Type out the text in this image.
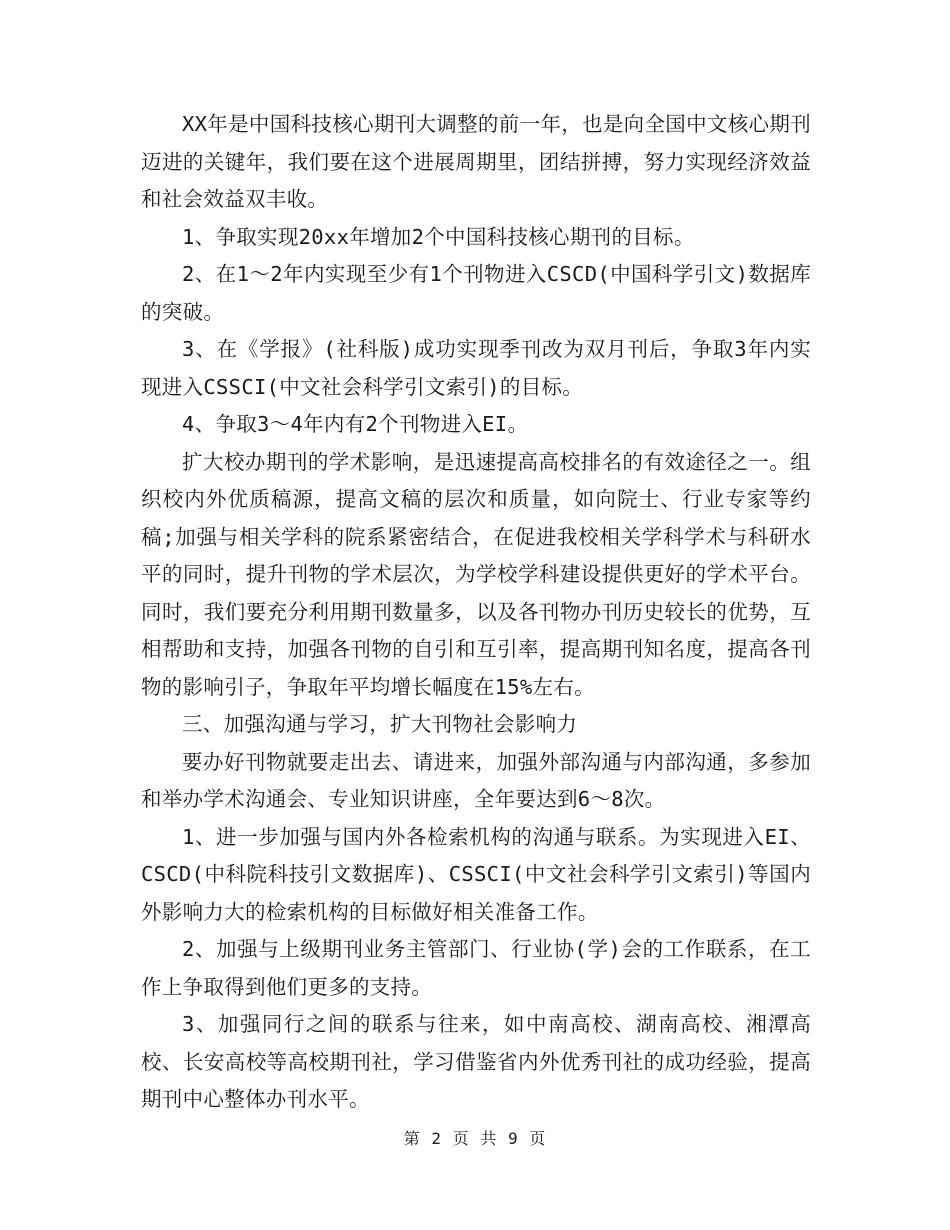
XX年是中国科技核心期刊大调整的前一年，也是向全国中文核心期刊迈进的关键年，我们要在这个进展周期里，团结拼搏，努力实现经济效益和社会效益双丰收。

1、争取实现20xx年增加2个中国科技核心期刊的目标。

2、在1～2年内实现至少有1个刊物进入CSCD(中国科学引文)数据库的突破。

3、在《学报》(社科版)成功实现季刊改为双月刊后，争取3年内实现进入CSSCI(中文社会科学引文索引)的目标。

4、争取3～4年内有2个刊物进入EI。

扩大校办期刊的学术影响，是迅速提高高校排名的有效途径之一。组织校内外优质稿源，提高文稿的层次和质量，如向院士、行业专家等约稿;加强与相关学科的院系紧密结合，在促进我校相关学科学术与科研水平的同时，提升刊物的学术层次，为学校学科建设提供更好的学术平台。同时，我们要充分利用期刊数量多，以及各刊物办刊历史较长的优势，互相帮助和支持，加强各刊物的自引和互引率，提高期刊知名度，提高各刊物的影响引子，争取年平均增长幅度在15%左右。

三、加强沟通与学习，扩大刊物社会影响力

要办好刊物就要走出去、请进来，加强外部沟通与内部沟通，多参加和举办学术沟通会、专业知识讲座，全年要达到6～8次。

1、进一步加强与国内外各检索机构的沟通与联系。为实现进入EI、CSCD(中科院科技引文数据库)、CSSCI(中文社会科学引文索引)等国内外影响力大的检索机构的目标做好相关准备工作。

2、加强与上级期刊业务主管部门、行业协(学)会的工作联系，在工作上争取得到他们更多的支持。

3、加强同行之间的联系与往来，如中南高校、湖南高校、湘潭高校、长安高校等高校期刊社，学习借鉴省内外优秀刊社的成功经验，提高期刊中心整体办刊水平。

第 2 页 共 9 页
